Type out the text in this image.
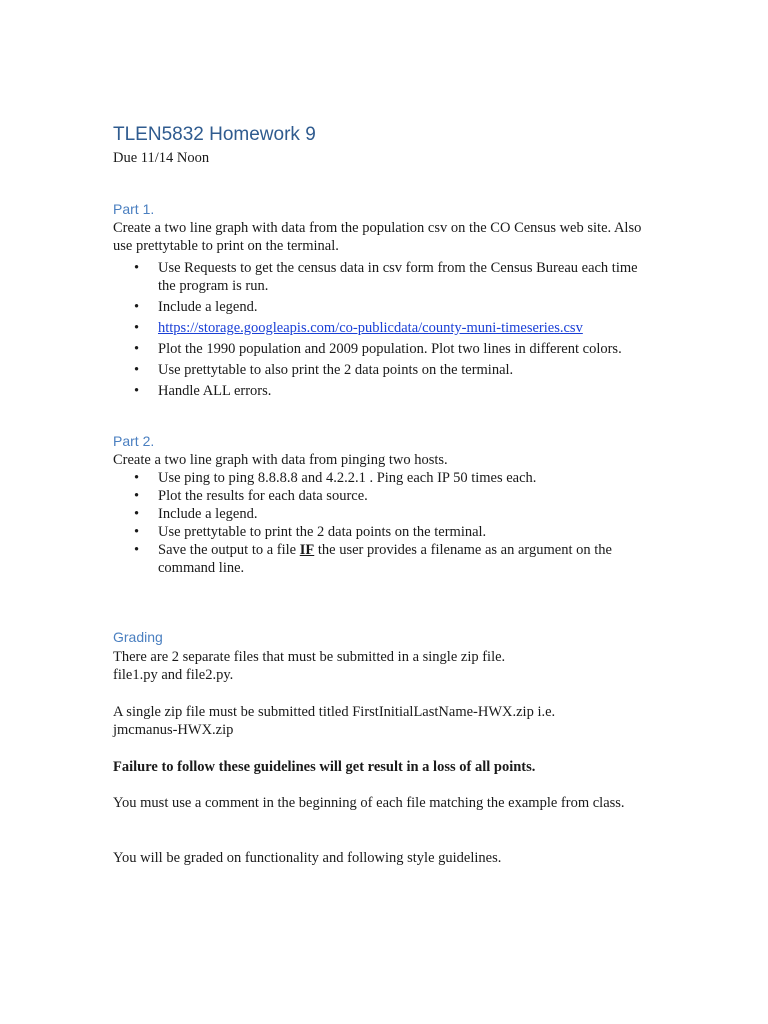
TLEN5832 Homework 9
Due 11/14 Noon
Part 1.
Create a two line graph with data from the population csv on the CO Census web site. Also use prettytable to print on the terminal.
• Use Requests to get the census data in csv form from the Census Bureau each time the program is run.
• Include a legend.
• https://storage.googleapis.com/co-publicdata/county-muni-timeseries.csv
• Plot the 1990 population and 2009 population. Plot two lines in different colors.
• Use prettytable to also print the 2 data points on the terminal.
• Handle ALL errors.
Part 2.
Create a two line graph with data from pinging two hosts.
• Use ping to ping 8.8.8.8 and 4.2.2.1 . Ping each IP 50 times each.
• Plot the results for each data source.
• Include a legend.
• Use prettytable to print the 2 data points on the terminal.
• Save the output to a file IF the user provides a filename as an argument on the command line.
Grading
There are 2 separate files that must be submitted in a single zip file.
file1.py and file2.py.
A single zip file must be submitted titled FirstInitialLastName-HWX.zip i.e.
jmcmanus-HWX.zip
Failure to follow these guidelines will get result in a loss of all points.
You must use a comment in the beginning of each file matching the example from class.
You will be graded on functionality and following style guidelines.
